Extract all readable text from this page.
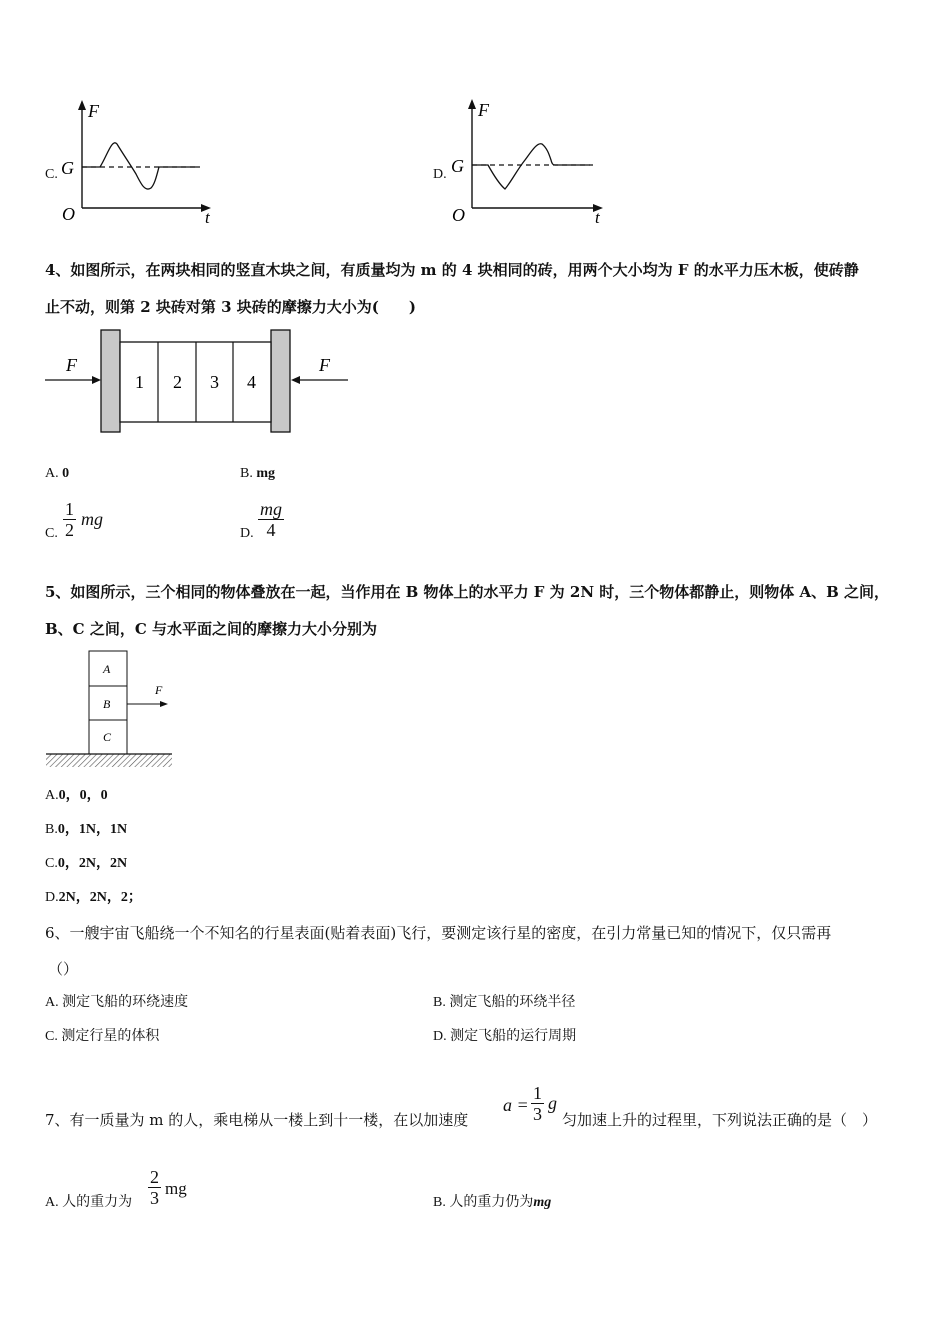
C.
F
t
G
O
D.
F
t
G
O
4、如图所示，在两块相同的竖直木块之间，有质量均为 m 的 4 块相同的砖，用两个大小均为 F 的水平力压木板，使砖静
止不动，则第 2 块砖对第 3 块砖的摩擦力大小为(　　)
1 2 3 4
F	F
A. 0	B. mg
C. $\frac{1}{2}$ mg
D. $\frac{mg}{4}$
5、如图所示，三个相同的物体叠放在一起，当作用在 B 物体上的水平力 F 为 2N 时，三个物体都静止，则物体 A、B 之间，
B、C 之间，C 与水平面之间的摩擦力大小分别为
A
B
C
F
A.0，0，0
B.0，1N，1N
C.0，2N，2N
D.2N，2N，2；
6、一艘宇宙飞船绕一个不知名的行星表面(贴着表面)飞行，要测定该行星的密度，在引力常量已知的情况下，仅只需再
（）
A. 测定飞船的环绕速度	B. 测定飞船的环绕半径
C. 测定行星的体积	D. 测定飞船的运行周期
7、有一质量为 m 的人，乘电梯从一楼上到十一楼，在以加速度
$a = \frac{1}{3}$ g
匀加速上升的过程里，下列说法正确的是（　）
A. 人的重力为 $\frac{2}{3}$ mg
B. 人的重力仍为mg
